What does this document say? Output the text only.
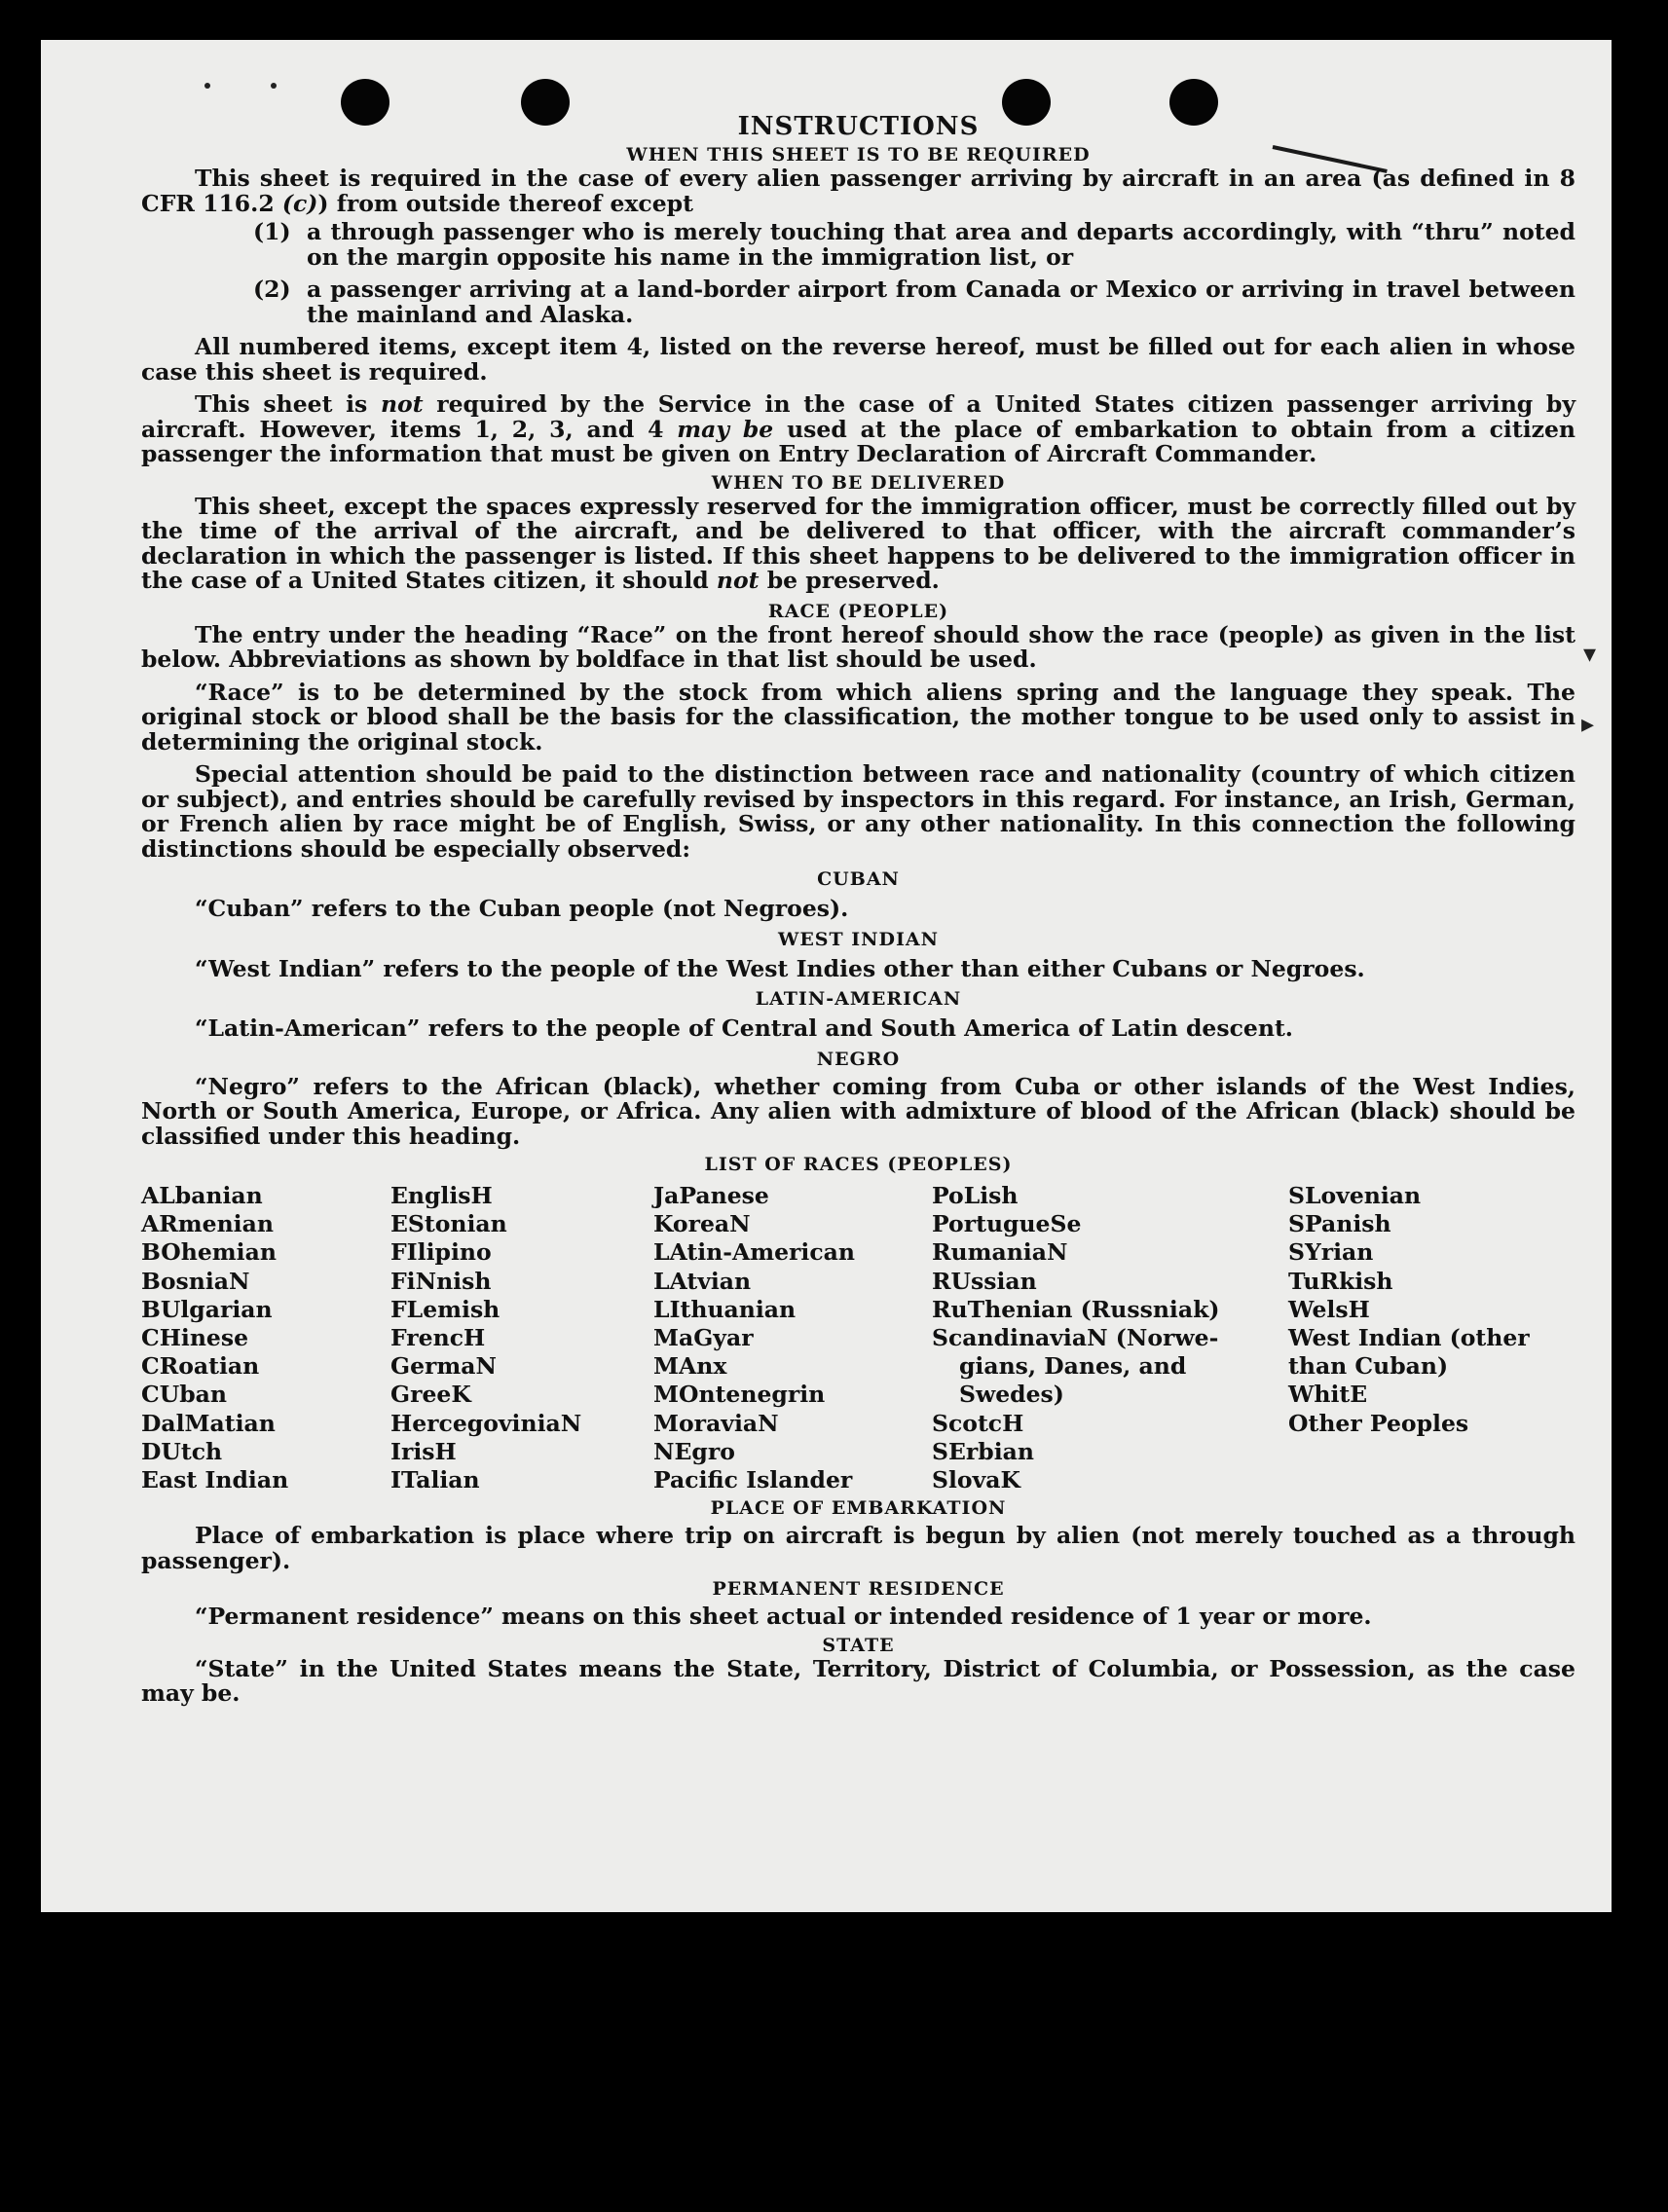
▾
▸
INSTRUCTIONS
WHEN THIS SHEET IS TO BE REQUIRED

This sheet is required in the case of every alien passenger arriving by aircraft in an area (as defined in 8 CFR 116.2 (c)) from outside thereof except

(1) a through passenger who is merely touching that area and departs accordingly, with “thru” noted on the margin opposite his name in the immigration list, or
(2) a passenger arriving at a land-border airport from Canada or Mexico or arriving in travel between the mainland and Alaska.

All numbered items, except item 4, listed on the reverse hereof, must be filled out for each alien in whose case this sheet is required.

This sheet is not required by the Service in the case of a United States citizen passenger arriving by aircraft. However, items 1, 2, 3, and 4 may be used at the place of embarkation to obtain from a citizen passenger the information that must be given on Entry Declaration of Aircraft Commander.

WHEN TO BE DELIVERED

This sheet, except the spaces expressly reserved for the immigration officer, must be correctly filled out by the time of the arrival of the aircraft, and be delivered to that officer, with the aircraft commander’s declaration in which the passenger is listed. If this sheet happens to be delivered to the immigration officer in the case of a United States citizen, it should not be preserved.

RACE (PEOPLE)

The entry under the heading “Race” on the front hereof should show the race (people) as given in the list below. Abbreviations as shown by boldface in that list should be used.

“Race” is to be determined by the stock from which aliens spring and the language they speak. The original stock or blood shall be the basis for the classification, the mother tongue to be used only to assist in determining the original stock.

Special attention should be paid to the distinction between race and nationality (country of which citizen or subject), and entries should be carefully revised by inspectors in this regard. For instance, an Irish, German, or French alien by race might be of English, Swiss, or any other nationality. In this connection the following distinctions should be especially observed:

CUBAN

“Cuban” refers to the Cuban people (not Negroes).

WEST INDIAN

“West Indian” refers to the people of the West Indies other than either Cubans or Negroes.

LATIN-AMERICAN

“Latin-American” refers to the people of Central and South America of Latin descent.

NEGRO

“Negro” refers to the African (black), whether coming from Cuba or other islands of the West Indies, North or South America, Europe, or Africa. Any alien with admixture of blood of the African (black) should be classified under this heading.

LIST OF RACES (PEOPLES)
ALbanian
ARmenian
BOhemian
BosniaN
BUlgarian
CHinese
CRoatian
CUban
DalMatian
DUtch
East Indian
EnglisH
EStonian
FIlipino
FiNnish
FLemish
FrencH
GermaN
GreeK
HercegoviniaN
IrisH
ITalian
JaPanese
KoreaN
LAtin-American
LAtvian
LIthuanian
MaGyar
MAnx
MOntenegrin
MoraviaN
NEgro
Pacific Islander
PoLish
PortugueSe
RumaniaN
RUssian
RuThenian (Russniak)
ScandinaviaN (Norwe-
gians, Danes, and
Swedes)
ScotcH
SErbian
SlovaK
SLovenian
SPanish
SYrian
TuRkish
WelsH
West Indian (other than Cuban)
WhitE
Other Peoples
PLACE OF EMBARKATION

Place of embarkation is place where trip on aircraft is begun by alien (not merely touched as a through passenger).

PERMANENT RESIDENCE

“Permanent residence” means on this sheet actual or intended residence of 1 year or more.

STATE

“State” in the United States means the State, Territory, District of Columbia, or Possession, as the case may be.
